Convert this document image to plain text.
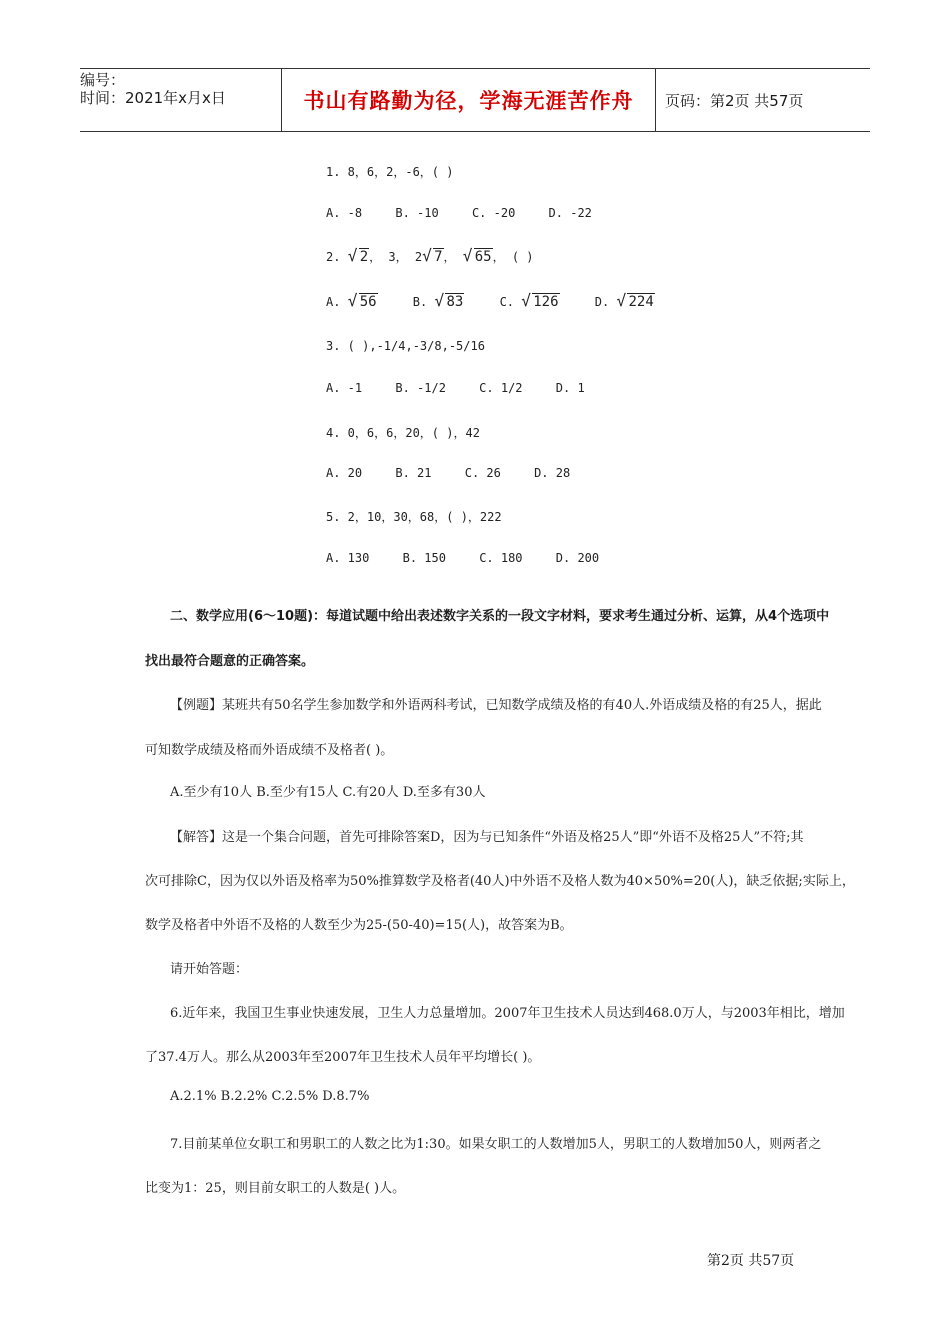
编号：
时间：2021年x月x日	书山有路勤为径，学海无涯苦作舟 页码：第2页 共57页
1. 8，6，2，-6，( )
A. -8	B. -10	C. -20	D. -22
2. √ 2， 3， 2 √ 7， √ 65， ( )
A. √ 56	B. √ 83	C. √ 126	D. √ 224
3. ( ),-1/4,-3/8,-5/16
A. -1	B. -1/2	C. 1/2	D. 1
4. 0，6，6，20，( )，42
A. 20	B. 21	C. 26	D. 28
5. 2，10，30，68，( )，222
A. 130	B. 150	C. 180	D. 200
二、数学应用(6～10题)：每道试题中给出表述数字关系的一段文字材料，要求考生通过分析、运算，从4个选项中
找出最符合题意的正确答案。
【例题】某班共有50名学生参加数学和外语两科考试，已知数学成绩及格的有40人.外语成绩及格的有25人，据此
可知数学成绩及格而外语成绩不及格者( )。
A.至少有10人 B.至少有15人 C.有20人 D.至多有30人
【解答】这是一个集合问题，首先可排除答案D，因为与已知条件“外语及格25人”即“外语不及格25人”不符;其
次可排除C，因为仅以外语及格率为50%推算数学及格者(40人)中外语不及格人数为40×50%=20(人)，缺乏依据;实际上，
数学及格者中外语不及格的人数至少为25-(50-40)=15(人)，故答案为B。
请开始答题：
6.近年来，我国卫生事业快速发展，卫生人力总量增加。2007年卫生技术人员达到468.0万人，与2003年相比，增加
了37.4万人。那么从2003年至2007年卫生技术人员年平均增长( )。
A.2.1% B.2.2% C.2.5% D.8.7%
7.目前某单位女职工和男职工的人数之比为1:30。如果女职工的人数增加5人，男职工的人数增加50人，则两者之
比变为1：25，则目前女职工的人数是( )人。
第2页 共57页
